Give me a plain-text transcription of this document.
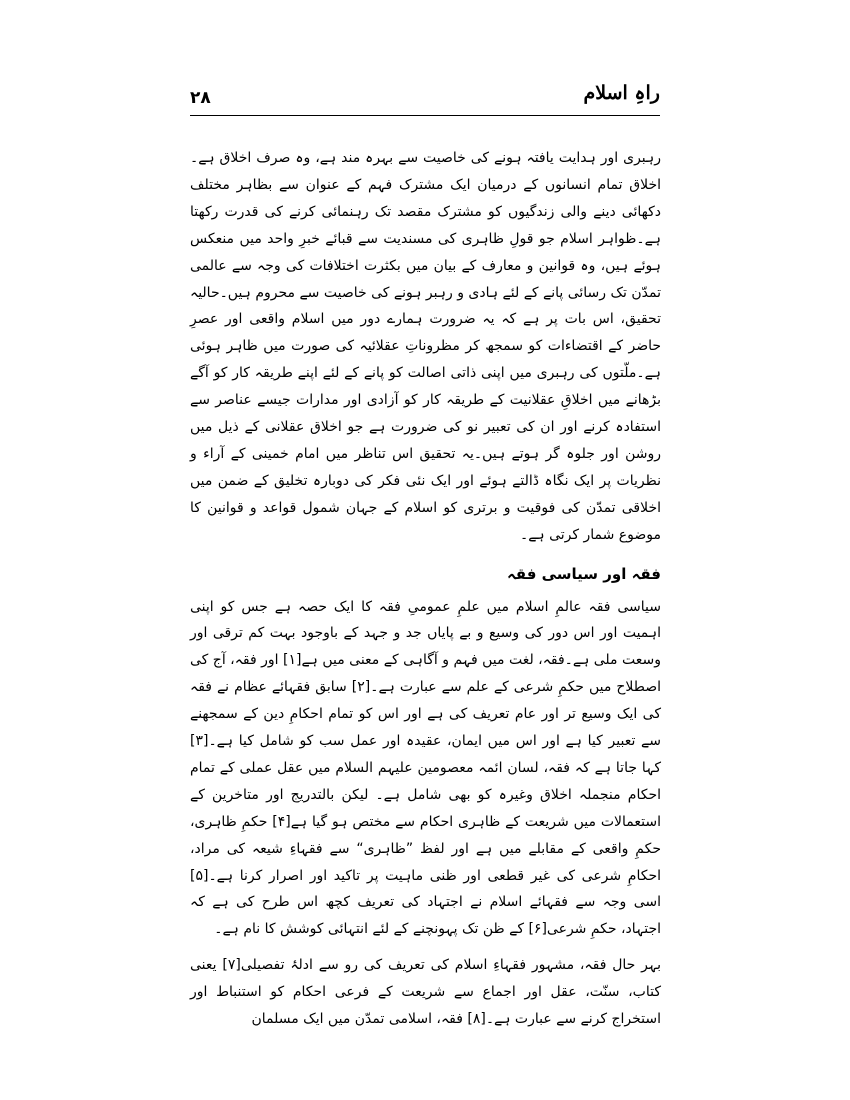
۲۸	راہِ اسلام

رہبری اور ہدایت یافتہ ہونے کی خاصیت سے بہرہ مند ہے، وہ صرف اخلاق ہے۔اخلاق تمام انسانوں کے درمیان ایک مشترک فہم کے عنوان سے بظاہر مختلف دکھائی دینے والی زندگیوں کو مشترک مقصد تک رہنمائی کرنے کی قدرت رکھتا ہے۔ظواہر اسلام جو قولِ ظاہری کی مسندیت سے قبائے خبرِ واحد میں منعکس ہوئے ہیں، وہ قوانین و معارف کے بیان میں بکثرت اختلافات کی وجہ سے عالمی تمدّن تک رسائی پانے کے لئے ہادی و رہبر ہونے کی خاصیت سے محروم ہیں۔حالیہ تحقیق، اس بات پر ہے کہ یہ ضرورت ہمارے دور میں اسلام واقعی اور عصرِ حاضر کے اقتضاءات کو سمجھ کر مظروناتِ عقلائیہ کی صورت میں ظاہر ہوئی ہے۔ملّتوں کی رہبری میں اپنی ذاتی اصالت کو پانے کے لئے اپنے طریقہ کار کو آگے بڑھانے میں اخلاقِ عقلانیت کے طریقہ کار کو آزادی اور مدارات جیسے عناصر سے استفادہ کرنے اور ان کی تعبیر نو کی ضرورت ہے جو اخلاق عقلانی کے ذیل میں روشن اور جلوہ گر ہوتے ہیں۔یہ تحقیق اس تناظر میں امام خمینی کے آراء و نظریات پر ایک نگاہ ڈالتے ہوئے اور ایک نئی فکر کی دوبارہ تخلیق کے ضمن میں اخلاقی تمدّن کی فوقیت و برتری کو اسلام کے جہان شمول قواعد و قوانین کا موضوع شمار کرتی ہے۔

فقہ اور سیاسی فقہ

سیاسی فقہ عالمِ اسلام میں علمِ عمومیِ فقہ کا ایک حصہ ہے جس کو اپنی اہمیت اور اس دور کی وسیع و بے پایاں جد و جہد کے باوجود بہت کم ترقی اور وسعت ملی ہے۔فقہ، لغت میں فہم و آگاہی کے معنی میں ہے[۱] اور فقہ، آج کی اصطلاح میں حکمِ شرعی کے علم سے عبارت ہے۔[۲] سابق فقہائے عظام نے فقہ کی ایک وسیع تر اور عام تعریف کی ہے اور اس کو تمام احکامِ دین کے سمجھنے سے تعبیر کیا ہے اور اس میں ایمان، عقیدہ اور عمل سب کو شامل کیا ہے۔[۳] کہا جاتا ہے کہ فقہ، لسان ائمہ معصومین علیہم السلام میں عقل عملی کے تمام احکام منجملہ اخلاق وغیرہ کو بھی شامل ہے۔ لیکن بالتدریج اور متاخرین کے استعمالات میں شریعت کے ظاہری احکام سے مختص ہو گیا ہے[۴] حکمِ ظاہری، حکمِ واقعی کے مقابلے میں ہے اور لفظ ”ظاہری“ سے فقہاءِ شیعہ کی مراد، احکامِ شرعی کی غیر قطعی اور ظنی ماہیت پر تاکید اور اصرار کرنا ہے۔[۵] اسی وجہ سے فقہائے اسلام نے اجتہاد کی تعریف کچھ اس طرح کی ہے کہ اجتہاد، حکمِ شرعی[۶] کے ظن تک پہونچنے کے لئے انتہائی کوشش کا نام ہے۔

بہر حال فقہ، مشہور فقہاءِ اسلام کی تعریف کی رو سے ادلۂ تفصیلی[۷] یعنی کتاب، سنّت، عقل اور اجماع سے شریعت کے فرعی احکام کو استنباط اور استخراج کرنے سے عبارت ہے۔[۸] فقہ، اسلامی تمدّن میں ایک مسلمان
